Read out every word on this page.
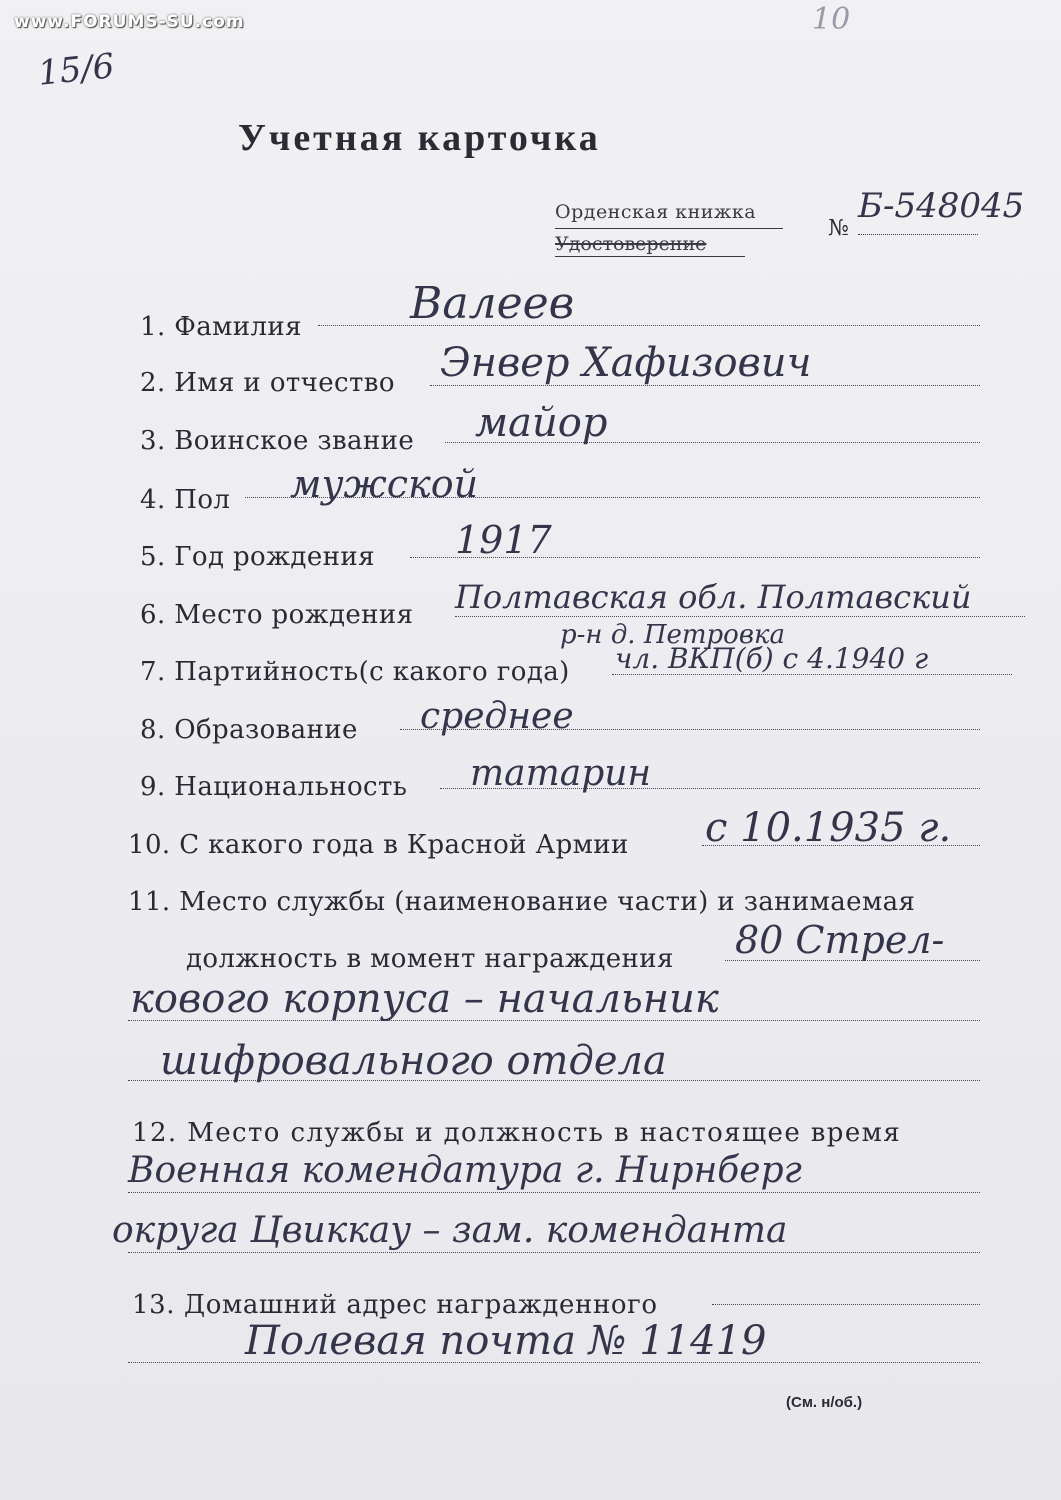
www.FORUMS-SU.com
15/6
10
Учетная карточка
Орденская книжка
Удостоверение
№
Б-548045
1. Фамилия Валеев
2. Имя и отчество Энвер Хафизович
3. Воинское звание майор
4. Пол мужской
5. Год рождения 1917
6. Место рождения Полтавская обл. Полтавский
р-н д. Петровка
7. Партийность(с какого года) чл. ВКП(б) с 4.1940 г
8. Образование среднее
9. Национальность татарин
10. С какого года в Красной Армии с 10.1935 г.
11. Место службы (наименование части) и занимаемая
должность в момент награждения 80 Стрел-
кового корпуса – начальник
шифровального отдела
12. Место службы и должность в настоящее время
Военная комендатура г. Нирнберг
округа Цвиккау – зам. коменданта
13. Домашний адрес награжденного
Полевая почта № 11419
(См. н/об.)
